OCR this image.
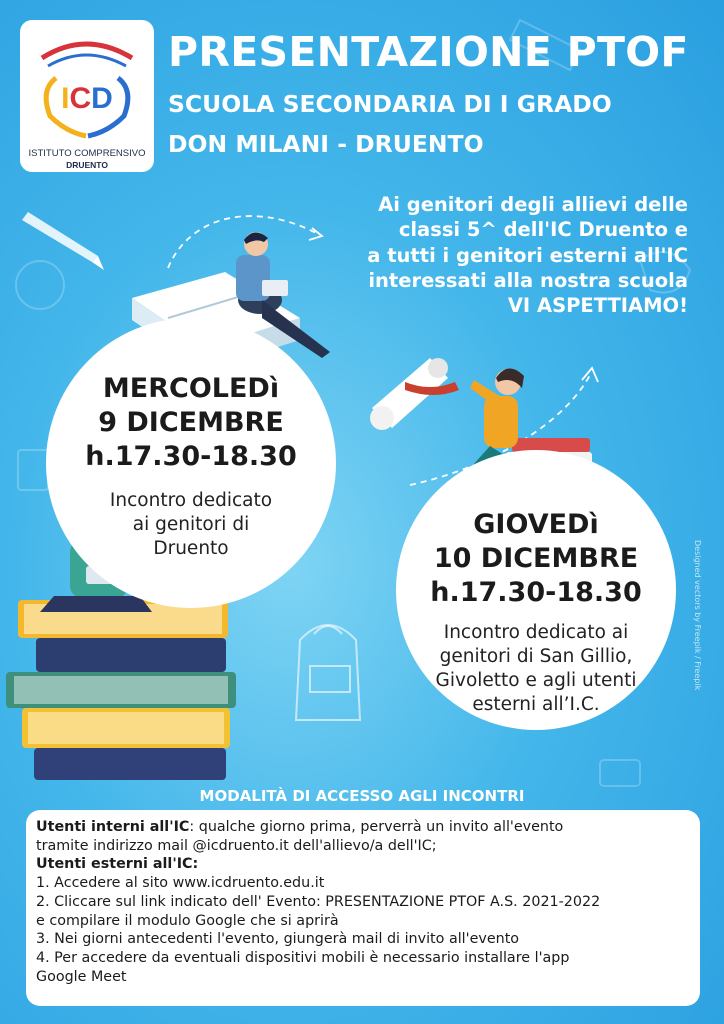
ICD
ISTITUTO COMPRENSIVO
DRUENTO
PRESENTAZIONE PTOF
SCUOLA SECONDARIA DI I GRADO
DON MILANI - DRUENTO
Ai genitori degli allievi delle
classi 5^ dell'IC Druento e
a tutti i genitori esterni all'IC
interessati alla nostra scuola
VI ASPETTIAMO!
MERCOLEDì
9 DICEMBRE
h.17.30-18.30
Incontro dedicato
ai genitori di
Druento
GIOVEDì
10 DICEMBRE
h.17.30-18.30
Incontro dedicato ai
genitori di San Gillio,
Givoletto e agli utenti
esterni all’I.C.
MODALITÀ DI ACCESSO AGLI INCONTRI
Utenti interni all'IC: qualche giorno prima, perverrà un invito all'evento
tramite indirizzo mail @icdruento.it dell'allievo/a dell'IC;
Utenti esterni all'IC:
1. Accedere al sito www.icdruento.edu.it
2. Cliccare sul link indicato dell' Evento: PRESENTAZIONE PTOF A.S. 2021-2022
e compilare il modulo Google che si aprirà
3. Nei giorni antecedenti l'evento, giungerà mail di invito all'evento
4. Per accedere da eventuali dispositivi mobili è necessario installare l'app
Google Meet
Designed vectors by Freepik / Freepik
